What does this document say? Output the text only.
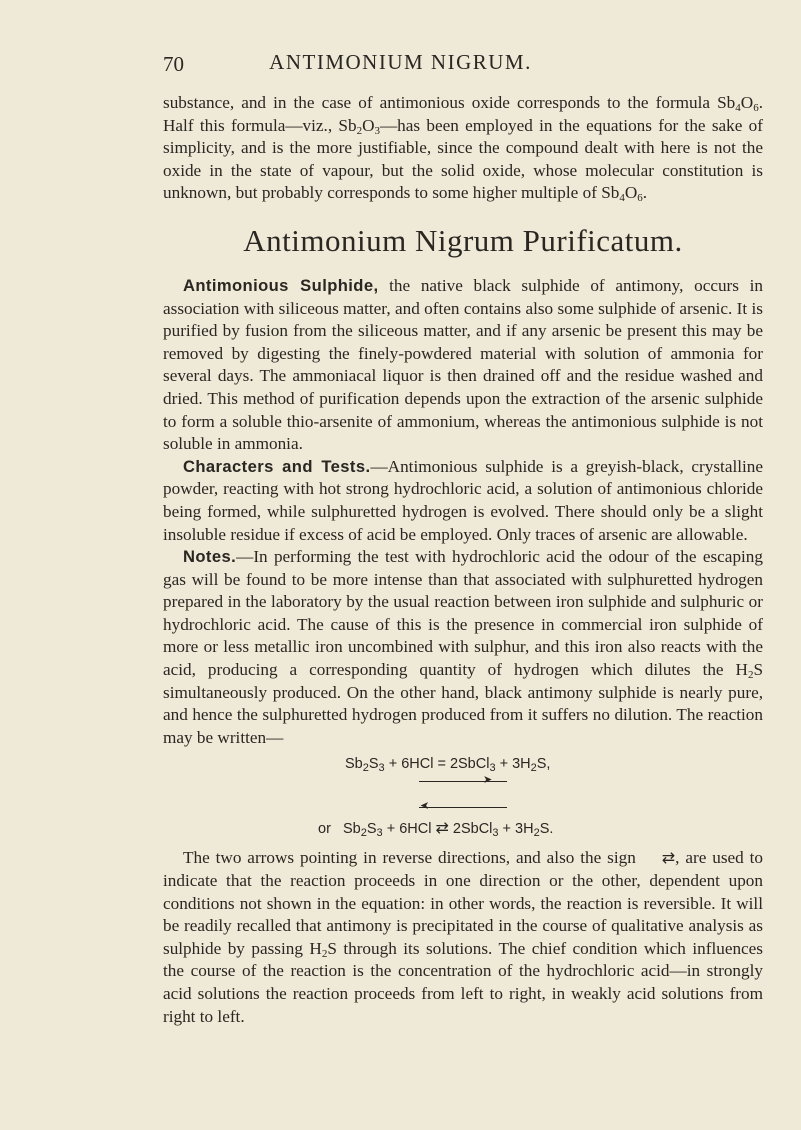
70	ANTIMONIUM NIGRUM.

substance, and in the case of antimonious oxide corresponds to the formula $Sb_4O_6$. Half this formula—viz., $Sb_2O_3—has$ been employed in the equations for the sake of simplicity, and is the more justifiable, since the compound dealt with here is not the oxide in the state of vapour, but the solid oxide, whose molecular constitution is unknown, but probably corresponds to some higher multiple of $Sb_4O_6$.

Antimonium Nigrum Purificatum.

Antimonious Sulphide, the native black sulphide of antimony, occurs in association with siliceous matter, and often contains also some sulphide of arsenic. It is purified by fusion from the siliceous matter, and if any arsenic be present this may be removed by digesting the finely-powdered material with solution of ammonia for several days. The ammoniacal liquor is then drained off and the residue washed and dried. This method of purification depends upon the extraction of the arsenic sulphide to form a soluble thio-arsenite of ammonium, whereas the antimonious sulphide is not soluble in ammonia.

Characters and Tests.—Antimonious sulphide is a greyish-black, crystalline powder, reacting with hot strong hydrochloric acid, a solution of antimonious chloride being formed, while sulphuretted hydrogen is evolved. There should only be a slight insoluble residue if excess of acid be employed. Only traces of arsenic are allowable.

Notes.—In performing the test with hydrochloric acid the odour of the escaping gas will be found to be more intense than that associated with sulphuretted hydrogen prepared in the laboratory by the usual reaction between iron sulphide and sulphuric or hydrochloric acid. The cause of this is the presence in commercial iron sulphide of more or less metallic iron uncombined with sulphur, and this iron also reacts with the acid, producing a corresponding quantity of hydrogen which dilutes the $H_2S$ simultaneously produced. On the other hand, black antimony sulphide is nearly pure, and hence the sulphuretted hydrogen produced from it suffers no dilution. The reaction may be written—

$Sb_2S_3 + 6HCl$ = 2SbCl$_3$ + $3H_2S$,
➤
➤
or $Sb_2S_3 + 6HCl$ ⇄ 2SbCl$_3$ + $3H_2S$.

The two arrows pointing in reverse directions, and also the sign ⇄, are used to indicate that the reaction proceeds in one direction or the other, dependent upon conditions not shown in the equation: in other words, the reaction is reversible. It will be readily recalled that antimony is precipitated in the course of qualitative analysis as sulphide by passing $H_2S$ through its solutions. The chief condition which influences the course of the reaction is the concentration of the hydrochloric acid—in strongly acid solutions the reaction proceeds from left to right, in weakly acid solutions from right to left.
